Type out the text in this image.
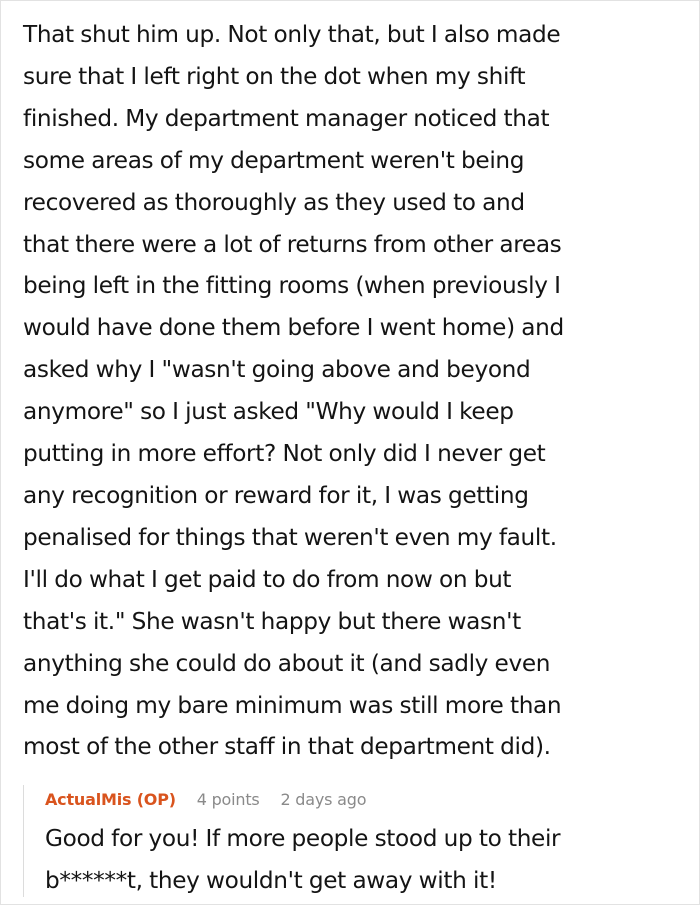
That shut him up. Not only that, but I also made
sure that I left right on the dot when my shift
finished. My department manager noticed that
some areas of my department weren't being
recovered as thoroughly as they used to and
that there were a lot of returns from other areas
being left in the fitting rooms (when previously I
would have done them before I went home) and
asked why I "wasn't going above and beyond
anymore" so I just asked "Why would I keep
putting in more effort? Not only did I never get
any recognition or reward for it, I was getting
penalised for things that weren't even my fault.
I'll do what I get paid to do from now on but
that's it." She wasn't happy but there wasn't
anything she could do about it (and sadly even
me doing my bare minimum was still more than
most of the other staff in that department did).
ActualMis (OP) 4 points 2 days ago
Good for you! If more people stood up to their
b******t, they wouldn't get away with it!
